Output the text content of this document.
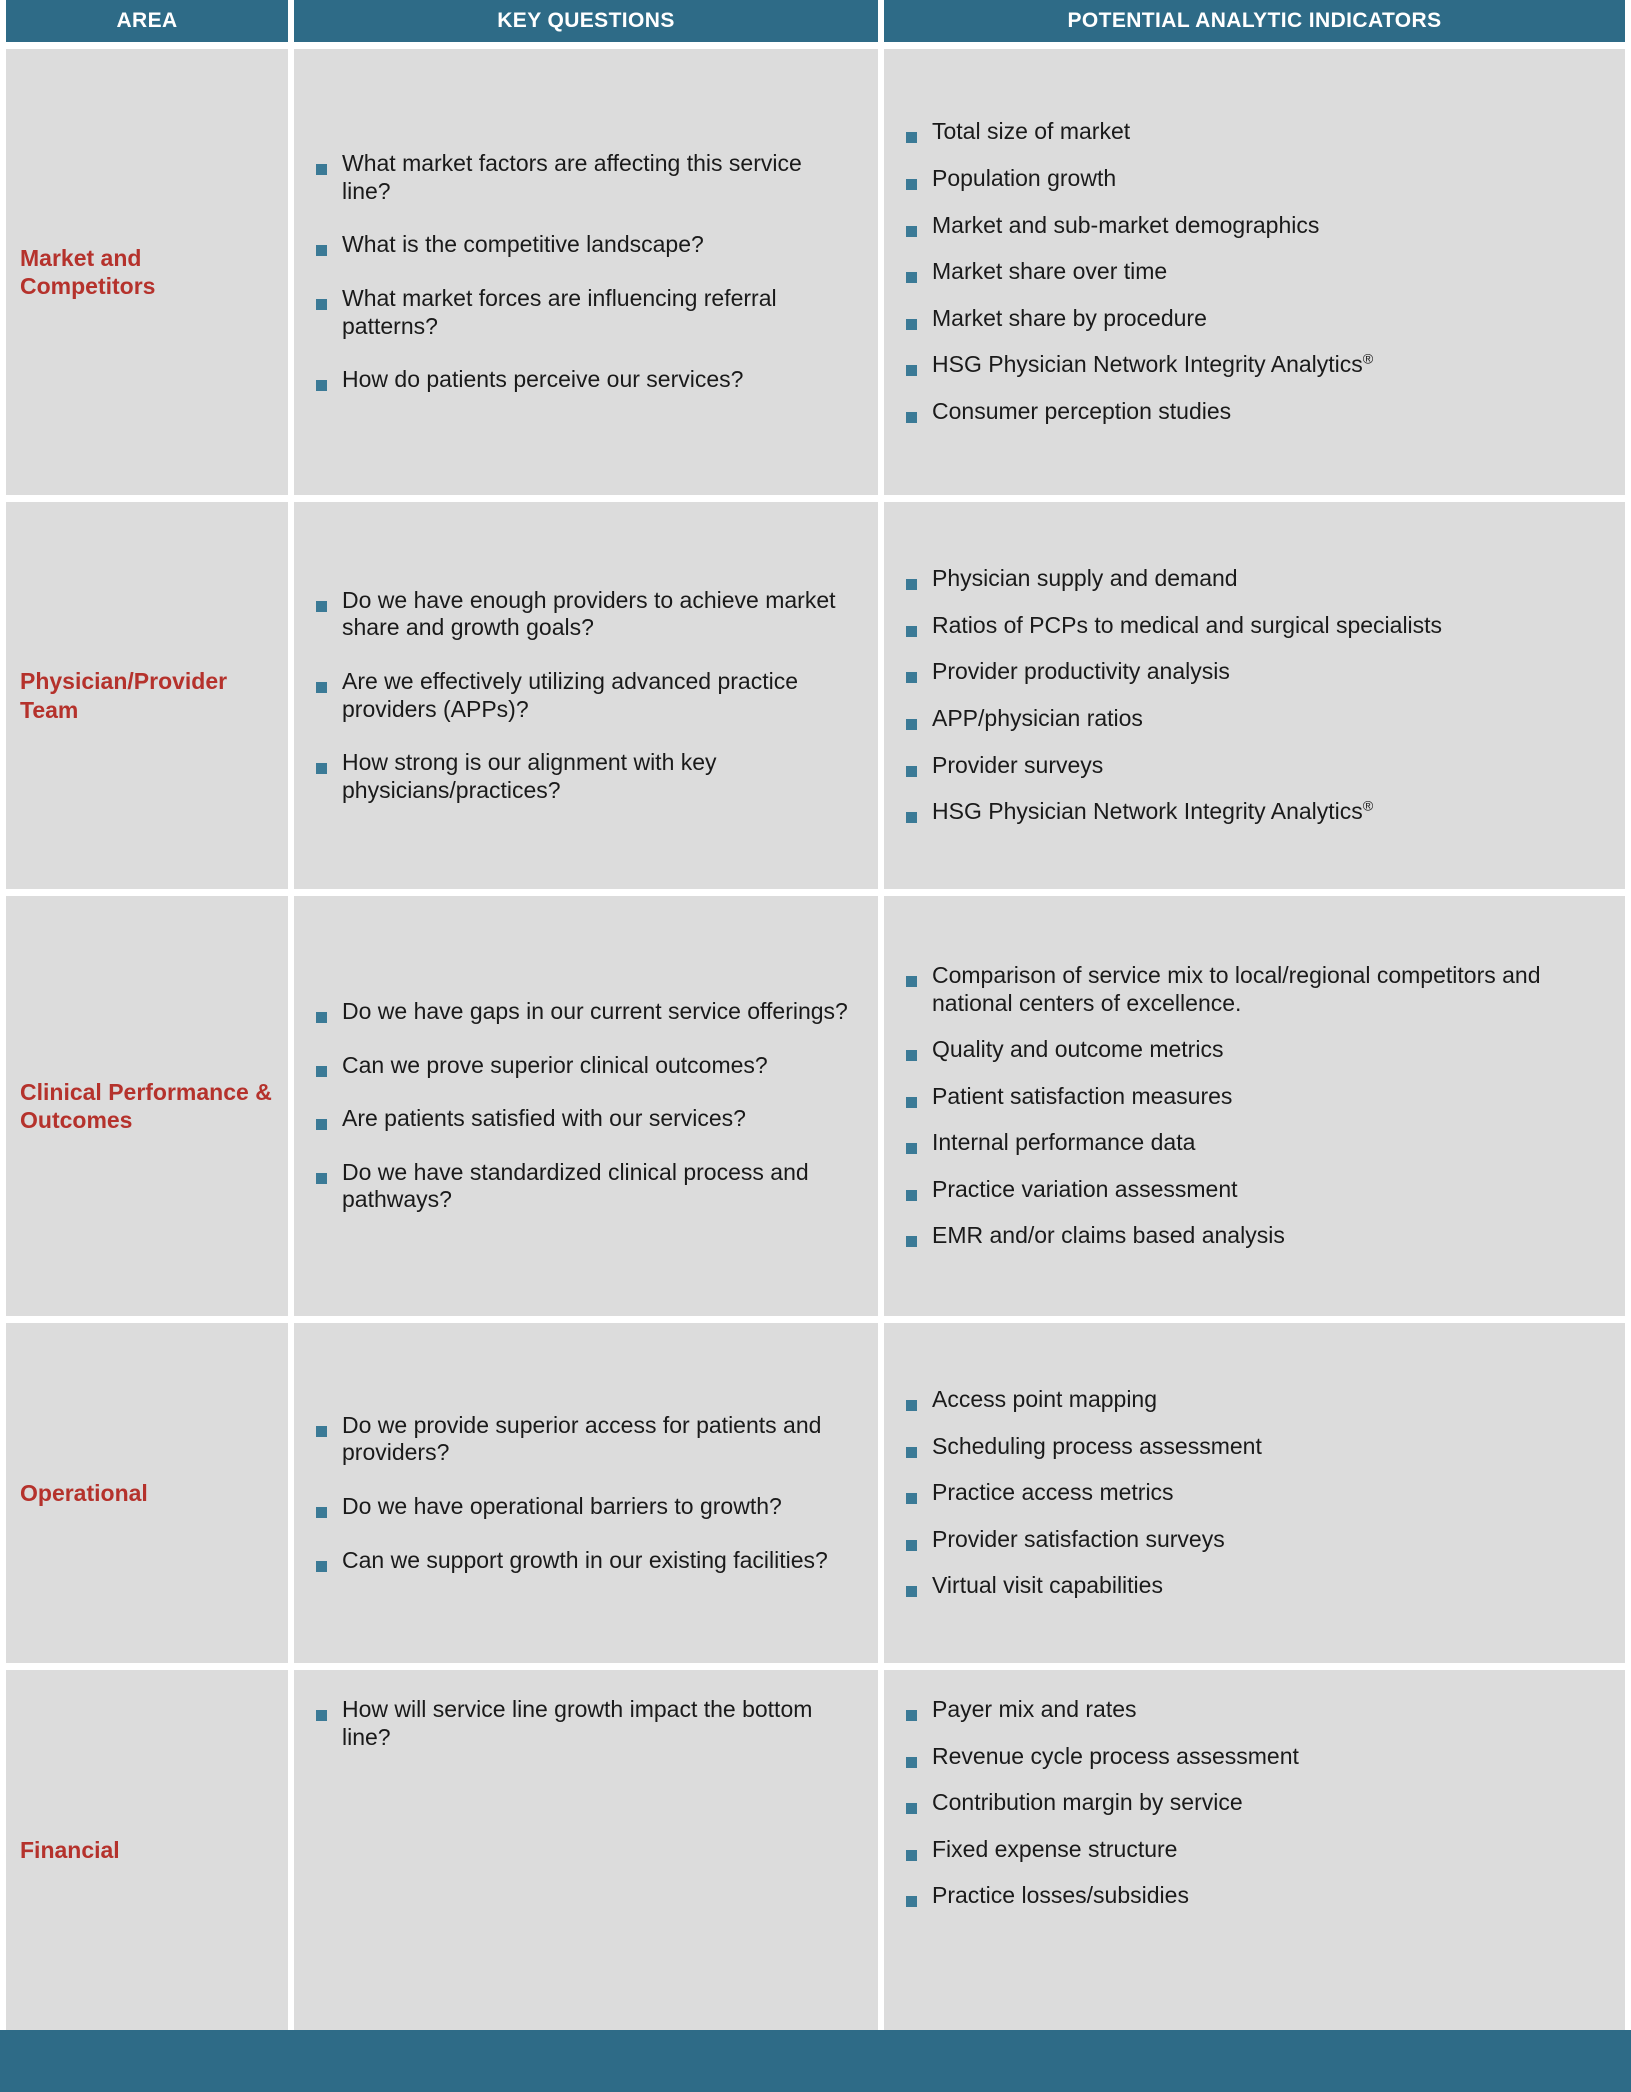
AREA	KEY QUESTIONS	POTENTIAL ANALYTIC INDICATORS
Market and Competitors
What market factors are affecting this service line?
What is the competitive landscape?
What market forces are influencing referral patterns?
How do patients perceive our services?
Total size of market
Population growth
Market and sub-market demographics
Market share over time
Market share by procedure
HSG Physician Network Integrity Analytics®
Consumer perception studies
Physician/Provider Team
Do we have enough providers to achieve market share and growth goals?
Are we effectively utilizing advanced practice providers (APPs)?
How strong is our alignment with key physicians/practices?
Physician supply and demand
Ratios of PCPs to medical and surgical specialists
Provider productivity analysis
APP/physician ratios
Provider surveys
HSG Physician Network Integrity Analytics®
Clinical Performance & Outcomes
Do we have gaps in our current service offerings?
Can we prove superior clinical outcomes?
Are patients satisfied with our services?
Do we have standardized clinical process and pathways?
Comparison of service mix to local/regional competitors and national centers of excellence.
Quality and outcome metrics
Patient satisfaction measures
Internal performance data
Practice variation assessment
EMR and/or claims based analysis
Operational
Do we provide superior access for patients and providers?
Do we have operational barriers to growth?
Can we support growth in our existing facilities?
Access point mapping
Scheduling process assessment
Practice access metrics
Provider satisfaction surveys
Virtual visit capabilities
Financial
How will service line growth impact the bottom line?
Payer mix and rates
Revenue cycle process assessment
Contribution margin by service
Fixed expense structure
Practice losses/subsidies
